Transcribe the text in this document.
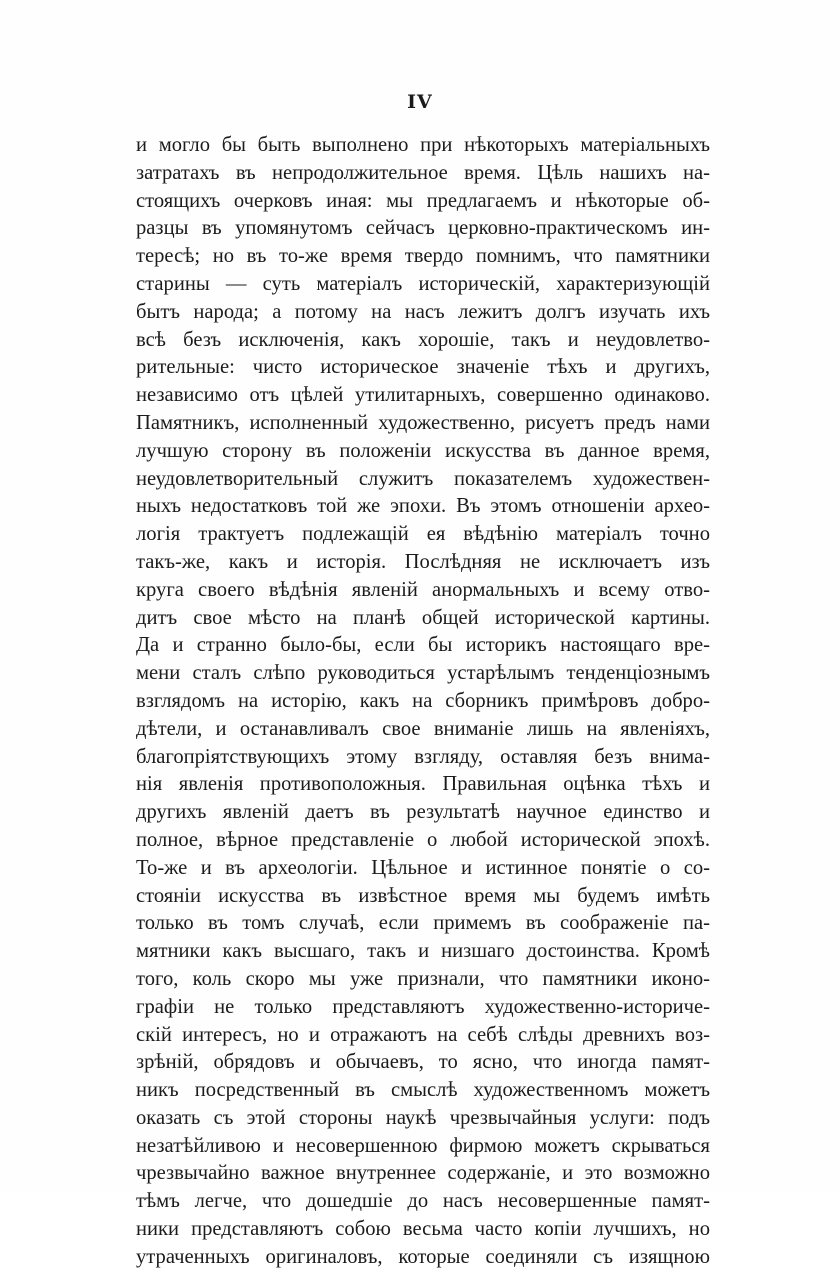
IV
и могло бы быть выполнено при нѣкоторыхъ матеріальныхъ
затратахъ въ непродолжительное время. Цѣль нашихъ на-
стоящихъ очерковъ иная: мы предлагаемъ и нѣкоторые об-
разцы въ упомянутомъ сейчасъ церковно-практическомъ ин-
тересѣ; но въ то-же время твердо помнимъ, что памятники
старины — суть матеріалъ историческій, характеризующій
бытъ народа; а потому на насъ лежитъ долгъ изучать ихъ
всѣ безъ исключенія, какъ хорошіе, такъ и неудовлетво-
рительные: чисто историческое значеніе тѣхъ и другихъ,
независимо отъ цѣлей утилитарныхъ, совершенно одинаково.
Памятникъ, исполненный художественно, рисуетъ предъ нами
лучшую сторону въ положеніи искусства въ данное время,
неудовлетворительный служитъ показателемъ художествен-
ныхъ недостатковъ той же эпохи. Въ этомъ отношеніи архео-
логія трактуетъ подлежащій ея вѣдѣнію матеріалъ точно
такъ-же, какъ и исторія. Послѣдняя не исключаетъ изъ
круга своего вѣдѣнія явленій анормальныхъ и всему отво-
дитъ свое мѣсто на планѣ общей исторической картины.
Да и странно было-бы, если бы историкъ настоящаго вре-
мени сталъ слѣпо руководиться устарѣлымъ тенденціознымъ
взглядомъ на исторію, какъ на сборникъ примѣровъ добро-
дѣтели, и останавливалъ свое вниманіе лишь на явленіяхъ,
благопріятствующихъ этому взгляду, оставляя безъ внима-
нія явленія противоположныя. Правильная оцѣнка тѣхъ и
другихъ явленій даетъ въ результатѣ научное единство и
полное, вѣрное представленіе о любой исторической эпохѣ.
То-же и въ археологіи. Цѣльное и истинное понятіе о со-
стояніи искусства въ извѣстное время мы будемъ имѣть
только въ томъ случаѣ, если примемъ въ соображеніе па-
мятники какъ высшаго, такъ и низшаго достоинства. Кромѣ
того, коль скоро мы уже признали, что памятники иконо-
графіи не только представляютъ художественно-историче-
скій интересъ, но и отражаютъ на себѣ слѣды древнихъ воз-
зрѣній, обрядовъ и обычаевъ, то ясно, что иногда памят-
никъ посредственный въ смыслѣ художественномъ можетъ
оказать съ этой стороны наукѣ чрезвычайныя услуги: подъ
незатѣйливою и несовершенною фирмою можетъ скрываться
чрезвычайно важное внутреннее содержаніе, и это возможно
тѣмъ легче, что дошедшіе до насъ несовершенные памят-
ники представляютъ собою весьма часто копіи лучшихъ, но
утраченныхъ оригиналовъ, которые соединяли съ изящною
